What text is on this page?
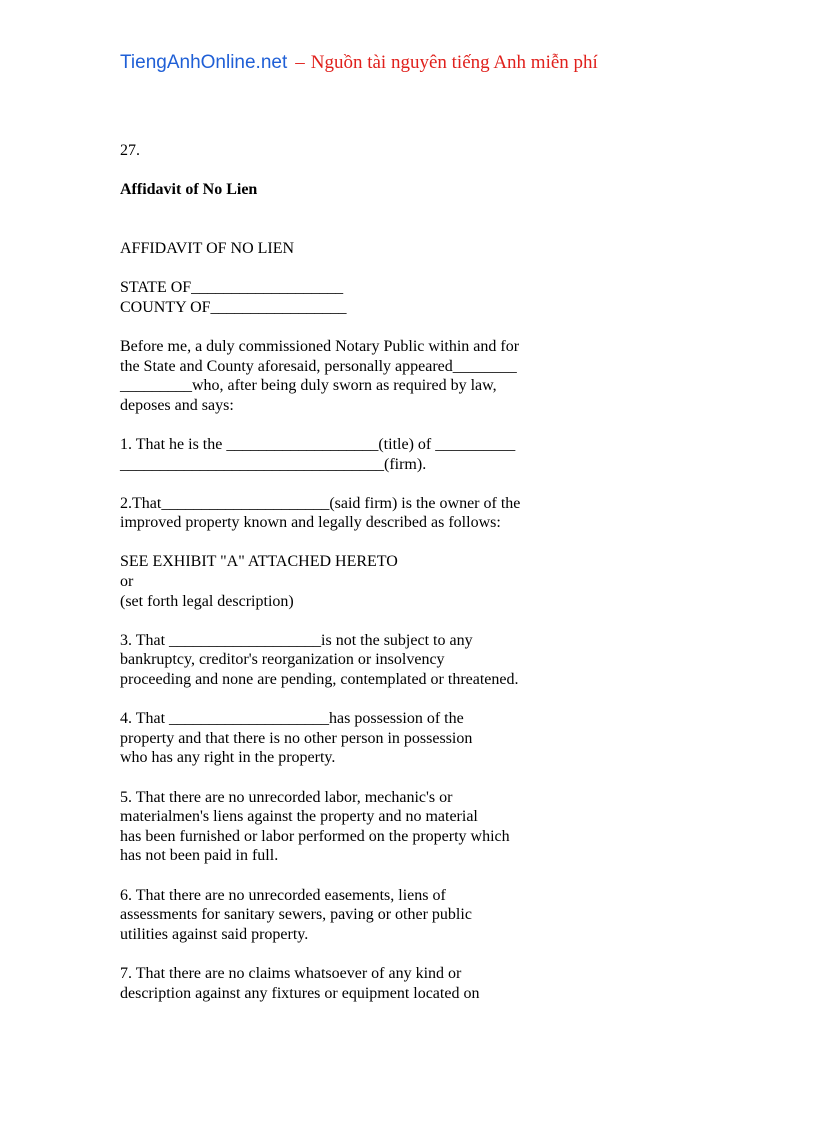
TiengAnhOnline.net – Nguồn tài nguyên tiếng Anh miễn phí

27.

Affidavit of No Lien

AFFIDAVIT OF NO LIEN

STATE OF___________________

COUNTY OF_________________

Before me, a duly commissioned Notary Public within and for

the State and County aforesaid, personally appeared________

_________who, after being duly sworn as required by law,

deposes and says:

1. That he is the ___________________(title) of __________

_________________________________(firm).

2.That_____________________(said firm) is the owner of the

improved property known and legally described as follows:

SEE EXHIBIT "A" ATTACHED HERETO

or

(set forth legal description)

3. That ___________________is not the subject to any

bankruptcy, creditor's reorganization or insolvency

proceeding and none are pending, contemplated or threatened.

4. That ____________________has possession of the

property and that there is no other person in possession

who has any right in the property.

5. That there are no unrecorded labor, mechanic's or

materialmen's liens against the property and no material

has been furnished or labor performed on the property which

has not been paid in full.

6. That there are no unrecorded easements, liens of

assessments for sanitary sewers, paving or other public

utilities against said property.

7. That there are no claims whatsoever of any kind or

description against any fixtures or equipment located on
